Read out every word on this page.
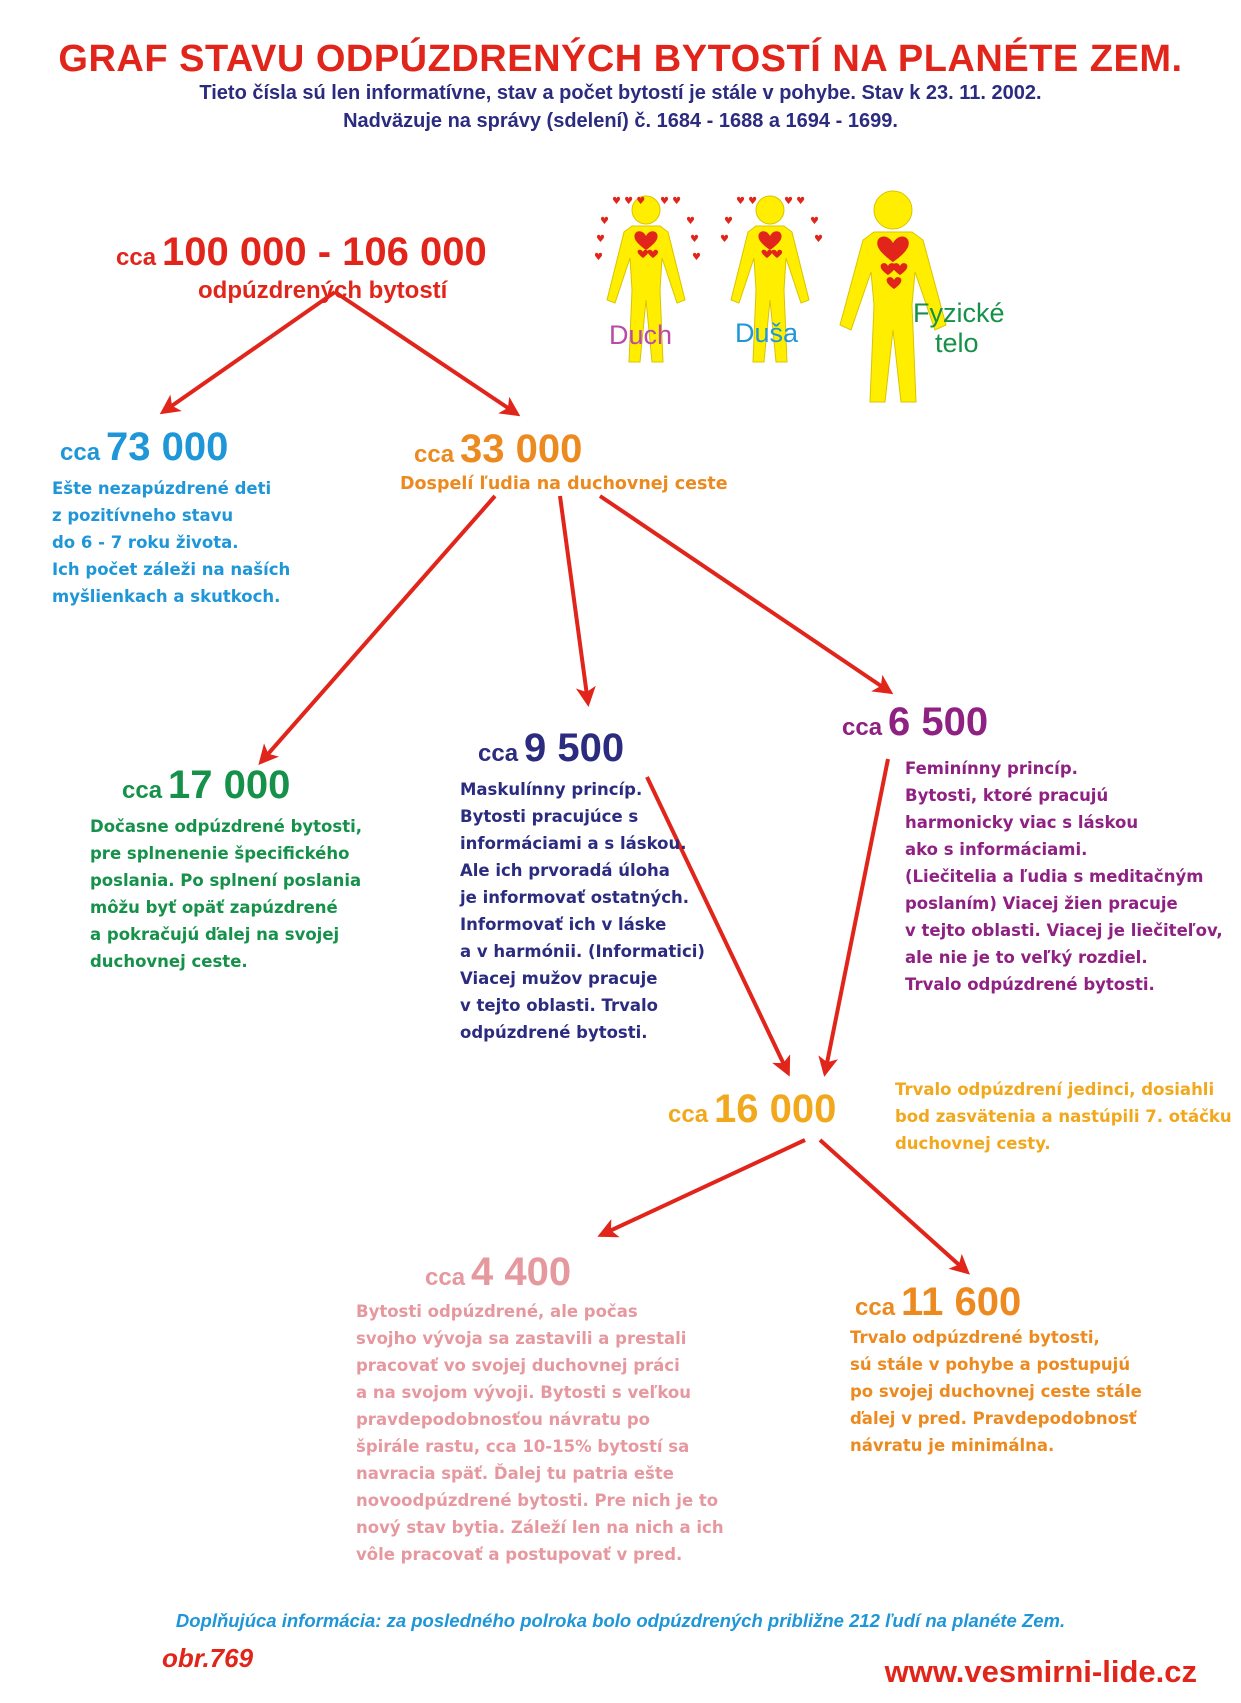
GRAF STAVU ODPÚZDRENÝCH BYTOSTÍ NA PLANÉTE ZEM.
Tieto čísla sú len informatívne, stav a počet bytostí je stále v pohybe. Stav k 23. 11. 2002.
Nadväzuje na správy (sdelení) č. 1684 - 1688 a 1694 - 1699.
♥ ♥ ♥
♥	♥
♥	♥
♥	♥
♥ ♥	♥ ♥	♥ ♥
♥	♥
♥	♥
Duch Duša
Fyzické
telo
cca 100 000 - 106 000
odpúzdrených bytostí
cca 73 000
Ešte nezapúzdrené deti
z pozitívneho stavu
do 6 - 7 roku života.
Ich počet záleži na naších
myšlienkach a skutkoch.
cca 33 000
Dospelí ľudia na duchovnej ceste
cca 17 000
Dočasne odpúzdrené bytosti,
pre splnenenie špecifického
poslania. Po splnení poslania
môžu byť opäť zapúzdrené
a pokračujú ďalej na svojej
duchovnej ceste.
cca 9 500
Maskulínny princíp.
Bytosti pracujúce s
informáciami a s láskou.
Ale ich prvoradá úloha
je informovať ostatných.
Informovať ich v láske
a v harmónii. (Informatici)
Viacej mužov pracuje
v tejto oblasti. Trvalo
odpúzdrené bytosti.
cca 6 500
Feminínny princíp.
Bytosti, ktoré pracujú
harmonicky viac s láskou
ako s informáciami.
(Liečitelia a ľudia s meditačným
poslaním) Viacej žien pracuje
v tejto oblasti. Viacej je liečiteľov,
ale nie je to veľký rozdiel.
Trvalo odpúzdrené bytosti.
cca 16 000	Trvalo odpúzdrení jedinci, dosiahli
bod zasvätenia a nastúpili 7. otáčku
duchovnej cesty.
cca 4 400
Bytosti odpúzdrené, ale počas
svojho vývoja sa zastavili a prestali
pracovať vo svojej duchovnej práci
a na svojom vývoji. Bytosti s veľkou
pravdepodobnosťou návratu po
špirále rastu, cca 10-15% bytostí sa
navracia späť. Ďalej tu patria ešte
novoodpúzdrené bytosti. Pre nich je to
nový stav bytia. Záleží len na nich a ich
vôle pracovať a postupovať v pred.
cca 11 600
Trvalo odpúzdrené bytosti,
sú stále v pohybe a postupujú
po svojej duchovnej ceste stále
ďalej v pred. Pravdepodobnosť
návratu je minimálna.
Doplňujúca informácia: za posledného polroka bolo odpúzdrených približne 212 ľudí na planéte Zem.
obr.769	www.vesmirni-lide.cz
